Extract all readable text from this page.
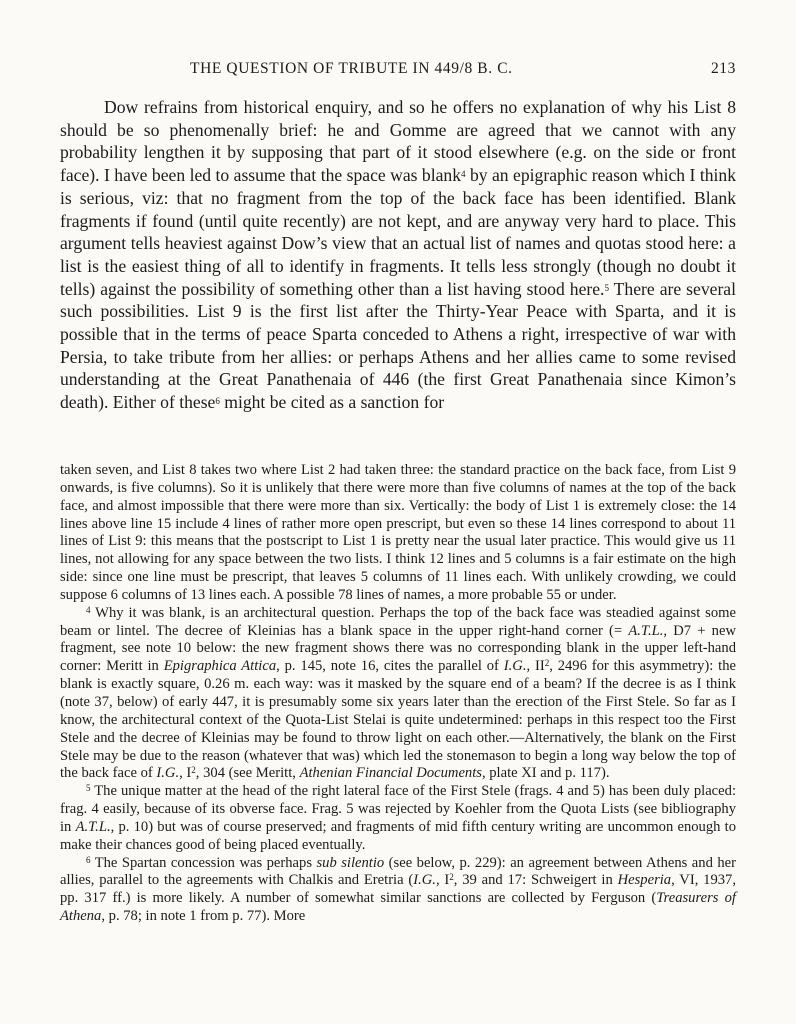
THE QUESTION OF TRIBUTE IN 449/8 B. C.	213

Dow refrains from historical enquiry, and so he offers no explanation of why his List 8 should be so phenomenally brief: he and Gomme are agreed that we cannot with any probability lengthen it by supposing that part of it stood elsewhere (e.g. on the side or front face). I have been led to assume that the space was blank$^4$ by an epigraphic reason which I think is serious, viz: that no fragment from the top of the back face has been identified. Blank fragments if found (until quite recently) are not kept, and are anyway very hard to place. This argument tells heaviest against Dow’s view that an actual list of names and quotas stood here: a list is the easiest thing of all to identify in fragments. It tells less strongly (though no doubt it tells) against the possibility of something other than a list having stood here.$^5$ There are several such possibilities. List 9 is the first list after the Thirty-Year Peace with Sparta, and it is possible that in the terms of peace Sparta conceded to Athens a right, irrespective of war with Persia, to take tribute from her allies: or perhaps Athens and her allies came to some revised understanding at the Great Panathenaia of 446 (the first Great Panathenaia since Kimon’s death). Either of these$^6$ might be cited as a sanction for

taken seven, and List 8 takes two where List 2 had taken three: the standard practice on the back face, from List 9 onwards, is five columns). So it is unlikely that there were more than five columns of names at the top of the back face, and almost impossible that there were more than six. Vertically: the body of List 1 is extremely close: the 14 lines above line 15 include 4 lines of rather more open prescript, but even so these 14 lines correspond to about 11 lines of List 9: this means that the postscript to List 1 is pretty near the usual later practice. This would give us 11 lines, not allowing for any space between the two lists. I think 12 lines and 5 columns is a fair estimate on the high side: since one line must be prescript, that leaves 5 columns of 11 lines each. With unlikely crowding, we could suppose 6 columns of 13 lines each. A possible 78 lines of names, a more probable 55 or under.

$^4$ Why it was blank, is an architectural question. Perhaps the top of the back face was steadied against some beam or lintel. The decree of Kleinias has a blank space in the upper right-hand corner (= A.T.L., D7 + new fragment, see note 10 below: the new fragment shows there was no corresponding blank in the upper left-hand corner: Meritt in Epigraphica Attica, p. 145, note 16, cites the parallel of I.G., $II^2$, 2496 for this asymmetry): the blank is exactly square, 0.26 m. each way: was it masked by the square end of a beam? If the decree is as I think (note 37, below) of early 447, it is presumably some six years later than the erection of the First Stele. So far as I know, the architectural context of the Quota-List Stelai is quite undetermined: perhaps in this respect too the First Stele and the decree of Kleinias may be found to throw light on each other.—Alternatively, the blank on the First Stele may be due to the reason (whatever that was) which led the stonemason to begin a long way below the top of the back face of I.G., $I^2$, 304 (see Meritt, Athenian Financial Documents, plate XI and p. 117).

$^5$ The unique matter at the head of the right lateral face of the First Stele (frags. 4 and 5) has been duly placed: frag. 4 easily, because of its obverse face. Frag. 5 was rejected by Koehler from the Quota Lists (see bibliography in A.T.L., p. 10) but was of course preserved; and fragments of mid fifth century writing are uncommon enough to make their chances good of being placed eventually.

$^6$ The Spartan concession was perhaps sub silentio (see below, p. 229): an agreement between Athens and her allies, parallel to the agreements with Chalkis and Eretria (I.G., $I^2$, 39 and 17: Schweigert in Hesperia, VI, 1937, pp. 317 ff.) is more likely. A number of somewhat similar sanctions are collected by Ferguson (Treasurers of Athena, p. 78; in note 1 from p. 77). More
